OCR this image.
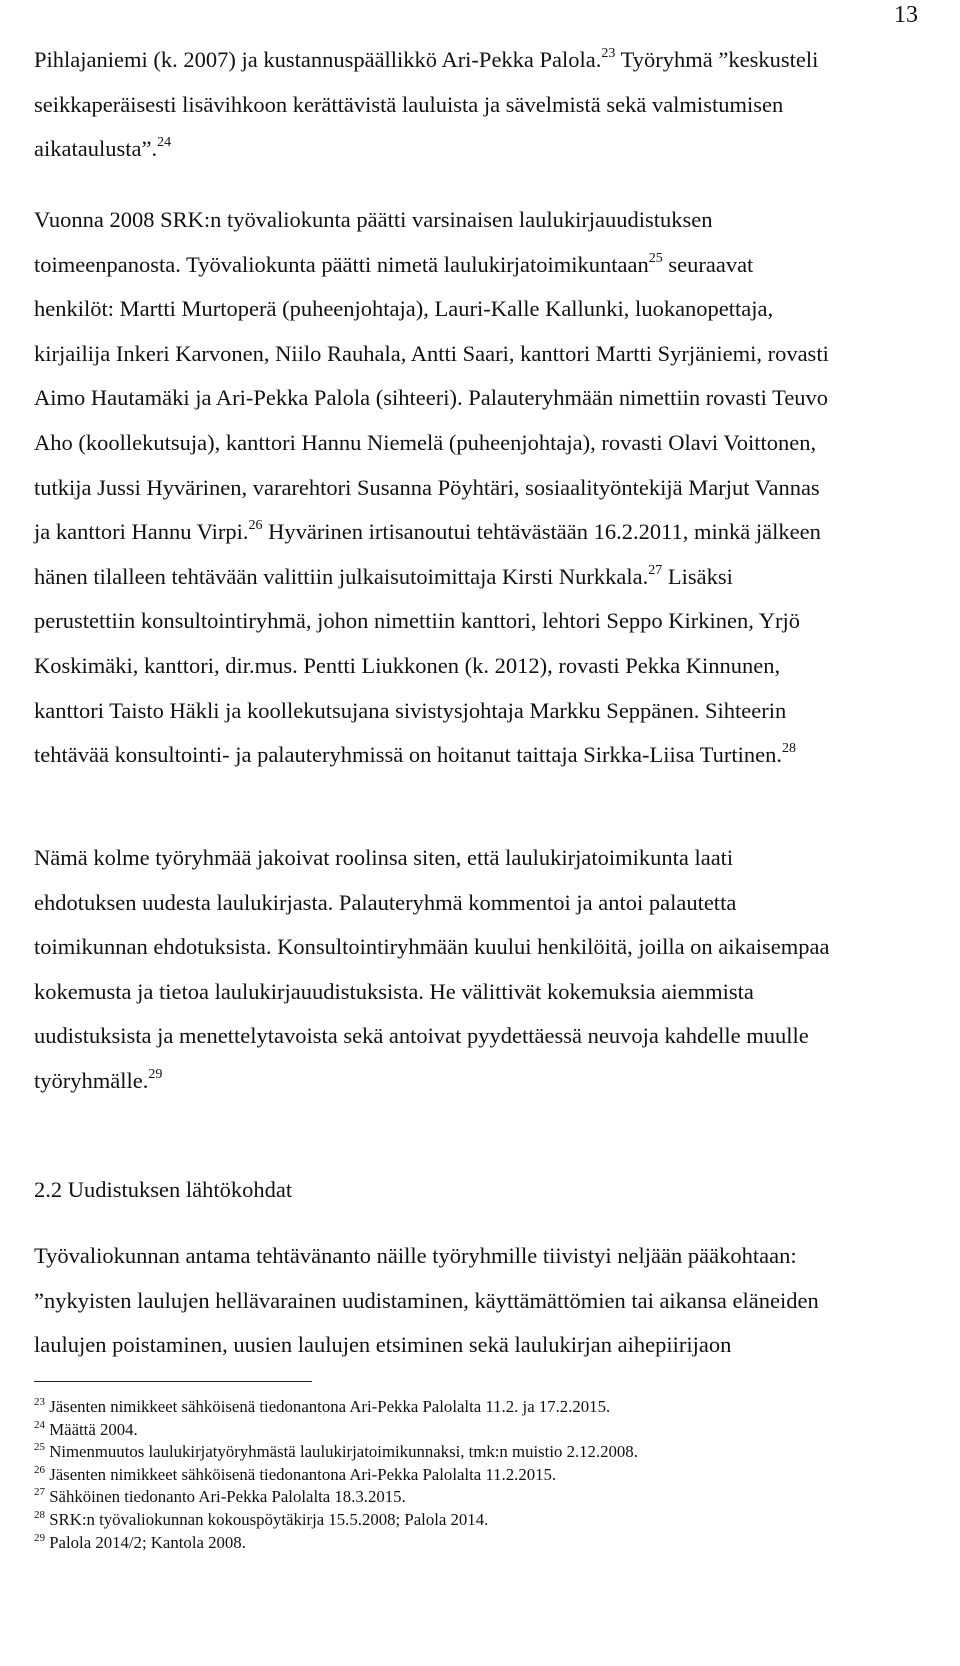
13

Pihlajaniemi (k. 2007) ja kustannuspäällikkö Ari-Pekka Palola.$^{23}$ Työryhmä ”keskusteli
seikkaperäisesti lisävihkoon kerättävistä lauluista ja sävelmistä sekä valmistumisen
aikataulusta”.$^{24}$

Vuonna 2008 SRK:n työvaliokunta päätti varsinaisen laulukirjauudistuksen
toimeenpanosta. Työvaliokunta päätti nimetä laulukirjatoimikuntaan$^{25}$ seuraavat
henkilöt: Martti Murtoperä (puheenjohtaja), Lauri-Kalle Kallunki, luokanopettaja,
kirjailija Inkeri Karvonen, Niilo Rauhala, Antti Saari, kanttori Martti Syrjäniemi, rovasti
Aimo Hautamäki ja Ari-Pekka Palola (sihteeri). Palauteryhmään nimettiin rovasti Teuvo
Aho (koollekutsuja), kanttori Hannu Niemelä (puheenjohtaja), rovasti Olavi Voittonen,
tutkija Jussi Hyvärinen, vararehtori Susanna Pöyhtäri, sosiaalityöntekijä Marjut Vannas
ja kanttori Hannu Virpi.$^{26}$ Hyvärinen irtisanoutui tehtävästään 16.2.2011, minkä jälkeen
hänen tilalleen tehtävään valittiin julkaisutoimittaja Kirsti Nurkkala.$^{27}$ Lisäksi
perustettiin konsultointiryhmä, johon nimettiin kanttori, lehtori Seppo Kirkinen, Yrjö
Koskimäki, kanttori, dir.mus. Pentti Liukkonen (k. 2012), rovasti Pekka Kinnunen,
kanttori Taisto Häkli ja koollekutsujana sivistysjohtaja Markku Seppänen. Sihteerin
tehtävää konsultointi- ja palauteryhmissä on hoitanut taittaja Sirkka-Liisa Turtinen.$^{28}$

Nämä kolme työryhmää jakoivat roolinsa siten, että laulukirjatoimikunta laati
ehdotuksen uudesta laulukirjasta. Palauteryhmä kommentoi ja antoi palautetta
toimikunnan ehdotuksista. Konsultointiryhmään kuului henkilöitä, joilla on aikaisempaa
kokemusta ja tietoa laulukirjauudistuksista. He välittivät kokemuksia aiemmista
uudistuksista ja menettelytavoista sekä antoivat pyydettäessä neuvoja kahdelle muulle
työryhmälle.$^{29}$

2.2 Uudistuksen lähtökohdat

Työvaliokunnan antama tehtävänanto näille työryhmille tiivistyi neljään pääkohtaan:
”nykyisten laulujen hellävarainen uudistaminen, käyttämättömien tai aikansa eläneiden
laulujen poistaminen, uusien laulujen etsiminen sekä laulukirjan aihepiirijaon

$^{23}$ Jäsenten nimikkeet sähköisenä tiedonantona Ari-Pekka Palolalta 11.2. ja 17.2.2015.

$^{24}$ Määttä 2004.

$^{25}$ Nimenmuutos laulukirjatyöryhmästä laulukirjatoimikunnaksi, tmk:n muistio 2.12.2008.

$^{26}$ Jäsenten nimikkeet sähköisenä tiedonantona Ari-Pekka Palolalta 11.2.2015.

$^{27}$ Sähköinen tiedonanto Ari-Pekka Palolalta 18.3.2015.

$^{28}$ SRK:n työvaliokunnan kokouspöytäkirja 15.5.2008; Palola 2014.

$^{29}$ Palola 2014/2; Kantola 2008.
